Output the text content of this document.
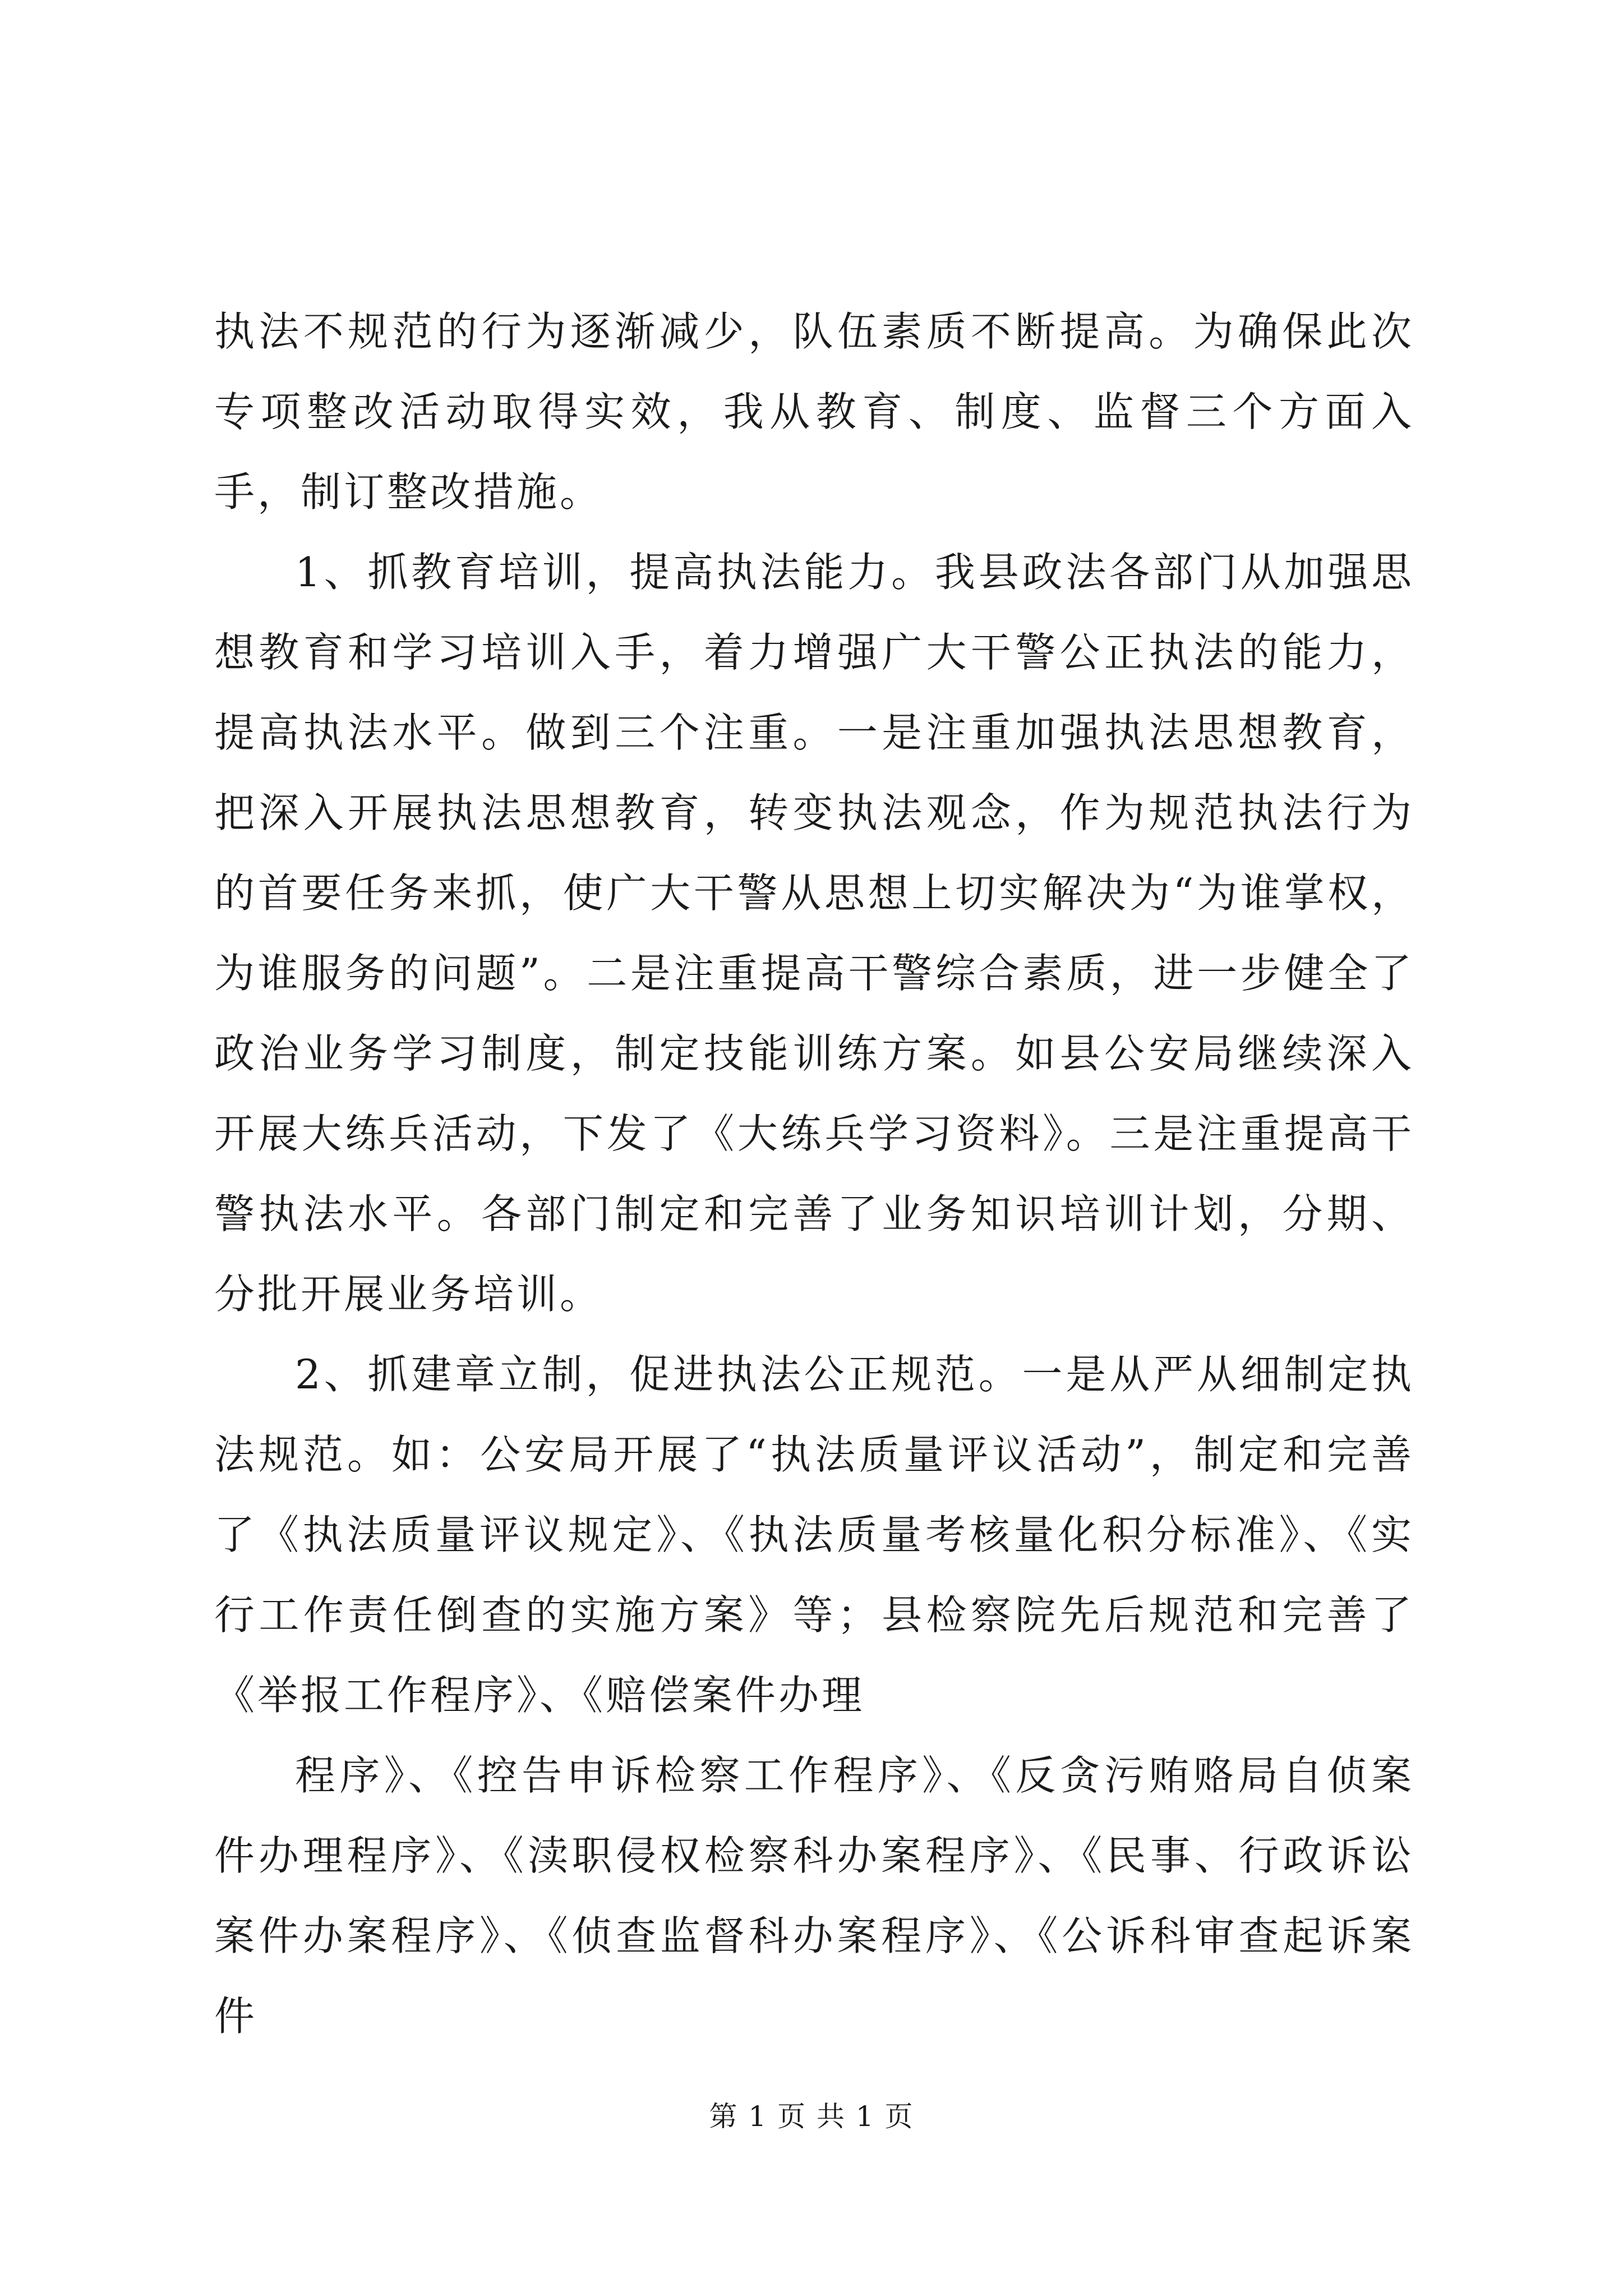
执法不规范的行为逐渐减少，队伍素质不断提高。为确保此次专项整改活动取得实效，我从教育、制度、监督三个方面入手，制订整改措施。

1、抓教育培训，提高执法能力。我县政法各部门从加强思想教育和学习培训入手，着力增强广大干警公正执法的能力，提高执法水平。做到三个注重。一是注重加强执法思想教育，把深入开展执法思想教育，转变执法观念，作为规范执法行为的首要任务来抓，使广大干警从思想上切实解决为“为谁掌权，为谁服务的问题”。二是注重提高干警综合素质，进一步健全了政治业务学习制度，制定技能训练方案。如县公安局继续深入开展大练兵活动，下发了《大练兵学习资料》。三是注重提高干警执法水平。各部门制定和完善了业务知识培训计划，分期、分批开展业务培训。

2、抓建章立制，促进执法公正规范。一是从严从细制定执法规范。如：公安局开展了“执法质量评议活动”，制定和完善了《执法质量评议规定》、《执法质量考核量化积分标准》、《实行工作责任倒查的实施方案》等；县检察院先后规范和完善了《举报工作程序》、《赔偿案件办理

程序》、《控告申诉检察工作程序》、《反贪污贿赂局自侦案件办理程序》、《渎职侵权检察科办案程序》、《民事、行政诉讼案件办案程序》、《侦查监督科办案程序》、《公诉科审查起诉案件

第 1 页 共 1 页
